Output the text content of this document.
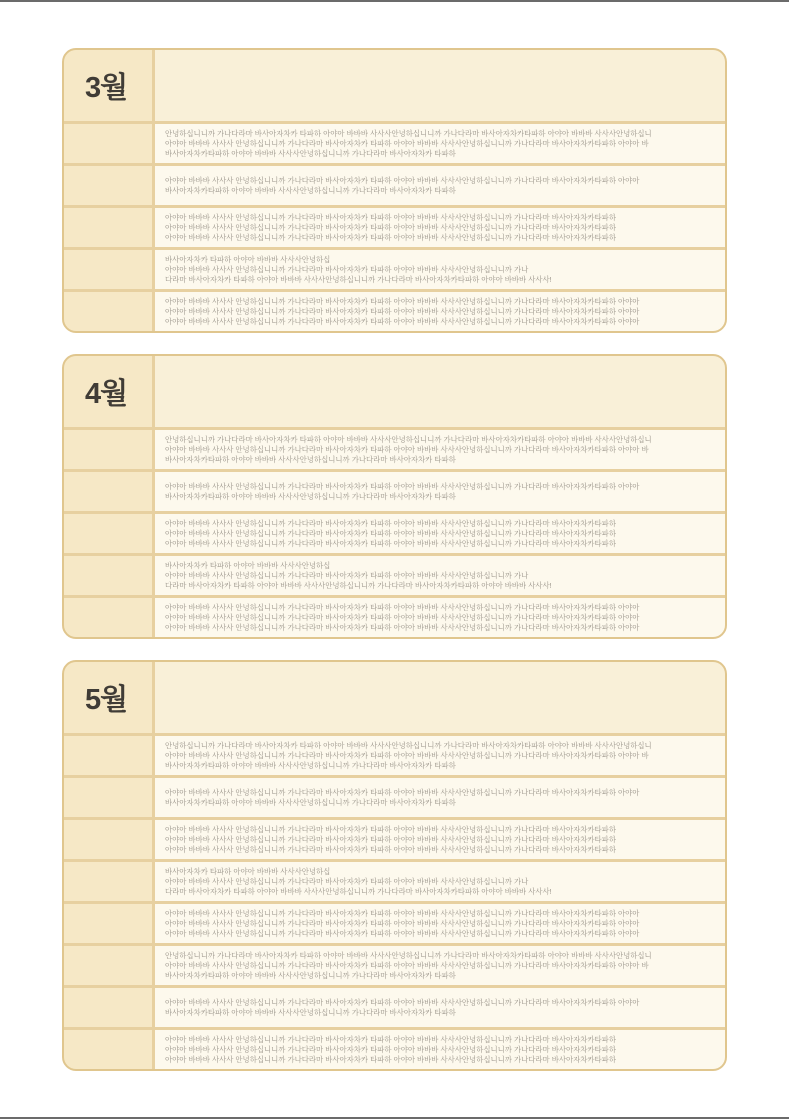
3월
안녕하십니니까 가나다라마 바사아자차카 타파하 아야아 바바바 사사사안녕하십니니까 가나다라마 바사아자차카타파하 아야아 바바바 사사사안녕하십니
아야아 바바바 사사사 안녕하십니니까 가나다라마 바사아자차카 타파하 아야아 바바바 사사사안녕하십니니까 가나다라마 바사아자차카타파하 아야아 바
바사아자차카타파하 아야아 바바바 사사사안녕하십니니까 가나다라마 바사아자차카 타파하
아야아 바바바 사사사 안녕하십니니까 가나다라마 바사아자차카 타파하 아야아 바바바 사사사안녕하십니니까 가나다라마 바사아자차카타파하 아야아
바사아자차카타파하 아야아 바바바 사사사안녕하십니니까 가나다라마 바사아자차카 타파하
아야아 바바바 사사사 안녕하십니니까 가나다라마 바사아자차카 타파하 아야아 바바바 사사사안녕하십니니까 가나다라마 바사아자차카타파하
아야아 바바바 사사사 안녕하십니니까 가나다라마 바사아자차카 타파하 아야아 바바바 사사사안녕하십니니까 가나다라마 바사아자차카타파하
아야아 바바바 사사사 안녕하십니니까 가나다라마 바사아자차카 타파하 아야아 바바바 사사사안녕하십니니까 가나다라마 바사아자차카타파하
바사아자차카 타파하 아야아 바바바 사사사안녕하십
아야아 바바바 사사사 안녕하십니니까 가나다라마 바사아자차카 타파하 아야아 바바바 사사사안녕하십니니까 가나
다라마 바사아자차카 타파하 아야아 바바바 사사사안녕하십니니까 가나다라마 바사아자차카타파하 아야아 바바바 사사사!
아야아 바바바 사사사 안녕하십니니까 가나다라마 바사아자차카 타파하 아야아 바바바 사사사안녕하십니니까 가나다라마 바사아자차카타파하 아야아
아야아 바바바 사사사 안녕하십니니까 가나다라마 바사아자차카 타파하 아야아 바바바 사사사안녕하십니니까 가나다라마 바사아자차카타파하 아야아
아야아 바바바 사사사 안녕하십니니까 가나다라마 바사아자차카 타파하 아야아 바바바 사사사안녕하십니니까 가나다라마 바사아자차카타파하 아야아
4월
안녕하십니니까 가나다라마 바사아자차카 타파하 아야아 바바바 사사사안녕하십니니까 가나다라마 바사아자차카타파하 아야아 바바바 사사사안녕하십니
아야아 바바바 사사사 안녕하십니니까 가나다라마 바사아자차카 타파하 아야아 바바바 사사사안녕하십니니까 가나다라마 바사아자차카타파하 아야아 바
바사아자차카타파하 아야아 바바바 사사사안녕하십니니까 가나다라마 바사아자차카 타파하
아야아 바바바 사사사 안녕하십니니까 가나다라마 바사아자차카 타파하 아야아 바바바 사사사안녕하십니니까 가나다라마 바사아자차카타파하 아야아
바사아자차카타파하 아야아 바바바 사사사안녕하십니니까 가나다라마 바사아자차카 타파하
아야아 바바바 사사사 안녕하십니니까 가나다라마 바사아자차카 타파하 아야아 바바바 사사사안녕하십니니까 가나다라마 바사아자차카타파하
아야아 바바바 사사사 안녕하십니니까 가나다라마 바사아자차카 타파하 아야아 바바바 사사사안녕하십니니까 가나다라마 바사아자차카타파하
아야아 바바바 사사사 안녕하십니니까 가나다라마 바사아자차카 타파하 아야아 바바바 사사사안녕하십니니까 가나다라마 바사아자차카타파하
바사아자차카 타파하 아야아 바바바 사사사안녕하십
아야아 바바바 사사사 안녕하십니니까 가나다라마 바사아자차카 타파하 아야아 바바바 사사사안녕하십니니까 가나
다라마 바사아자차카 타파하 아야아 바바바 사사사안녕하십니니까 가나다라마 바사아자차카타파하 아야아 바바바 사사사!
아야아 바바바 사사사 안녕하십니니까 가나다라마 바사아자차카 타파하 아야아 바바바 사사사안녕하십니니까 가나다라마 바사아자차카타파하 아야아
아야아 바바바 사사사 안녕하십니니까 가나다라마 바사아자차카 타파하 아야아 바바바 사사사안녕하십니니까 가나다라마 바사아자차카타파하 아야아
아야아 바바바 사사사 안녕하십니니까 가나다라마 바사아자차카 타파하 아야아 바바바 사사사안녕하십니니까 가나다라마 바사아자차카타파하 아야아
5월
안녕하십니니까 가나다라마 바사아자차카 타파하 아야아 바바바 사사사안녕하십니니까 가나다라마 바사아자차카타파하 아야아 바바바 사사사안녕하십니
아야아 바바바 사사사 안녕하십니니까 가나다라마 바사아자차카 타파하 아야아 바바바 사사사안녕하십니니까 가나다라마 바사아자차카타파하 아야아 바
바사아자차카타파하 아야아 바바바 사사사안녕하십니니까 가나다라마 바사아자차카 타파하
아야아 바바바 사사사 안녕하십니니까 가나다라마 바사아자차카 타파하 아야아 바바바 사사사안녕하십니니까 가나다라마 바사아자차카타파하 아야아
바사아자차카타파하 아야아 바바바 사사사안녕하십니니까 가나다라마 바사아자차카 타파하
아야아 바바바 사사사 안녕하십니니까 가나다라마 바사아자차카 타파하 아야아 바바바 사사사안녕하십니니까 가나다라마 바사아자차카타파하
아야아 바바바 사사사 안녕하십니니까 가나다라마 바사아자차카 타파하 아야아 바바바 사사사안녕하십니니까 가나다라마 바사아자차카타파하
아야아 바바바 사사사 안녕하십니니까 가나다라마 바사아자차카 타파하 아야아 바바바 사사사안녕하십니니까 가나다라마 바사아자차카타파하
바사아자차카 타파하 아야아 바바바 사사사안녕하십
아야아 바바바 사사사 안녕하십니니까 가나다라마 바사아자차카 타파하 아야아 바바바 사사사안녕하십니니까 가나
다라마 바사아자차카 타파하 아야아 바바바 사사사안녕하십니니까 가나다라마 바사아자차카타파하 아야아 바바바 사사사!
아야아 바바바 사사사 안녕하십니니까 가나다라마 바사아자차카 타파하 아야아 바바바 사사사안녕하십니니까 가나다라마 바사아자차카타파하 아야아
아야아 바바바 사사사 안녕하십니니까 가나다라마 바사아자차카 타파하 아야아 바바바 사사사안녕하십니니까 가나다라마 바사아자차카타파하 아야아
아야아 바바바 사사사 안녕하십니니까 가나다라마 바사아자차카 타파하 아야아 바바바 사사사안녕하십니니까 가나다라마 바사아자차카타파하 아야아
안녕하십니니까 가나다라마 바사아자차카 타파하 아야아 바바바 사사사안녕하십니니까 가나다라마 바사아자차카타파하 아야아 바바바 사사사안녕하십니
아야아 바바바 사사사 안녕하십니니까 가나다라마 바사아자차카 타파하 아야아 바바바 사사사안녕하십니니까 가나다라마 바사아자차카타파하 아야아 바
바사아자차카타파하 아야아 바바바 사사사안녕하십니니까 가나다라마 바사아자차카 타파하
아야아 바바바 사사사 안녕하십니니까 가나다라마 바사아자차카 타파하 아야아 바바바 사사사안녕하십니니까 가나다라마 바사아자차카타파하 아야아
바사아자차카타파하 아야아 바바바 사사사안녕하십니니까 가나다라마 바사아자차카 타파하
아야아 바바바 사사사 안녕하십니니까 가나다라마 바사아자차카 타파하 아야아 바바바 사사사안녕하십니니까 가나다라마 바사아자차카타파하
아야아 바바바 사사사 안녕하십니니까 가나다라마 바사아자차카 타파하 아야아 바바바 사사사안녕하십니니까 가나다라마 바사아자차카타파하
아야아 바바바 사사사 안녕하십니니까 가나다라마 바사아자차카 타파하 아야아 바바바 사사사안녕하십니니까 가나다라마 바사아자차카타파하
